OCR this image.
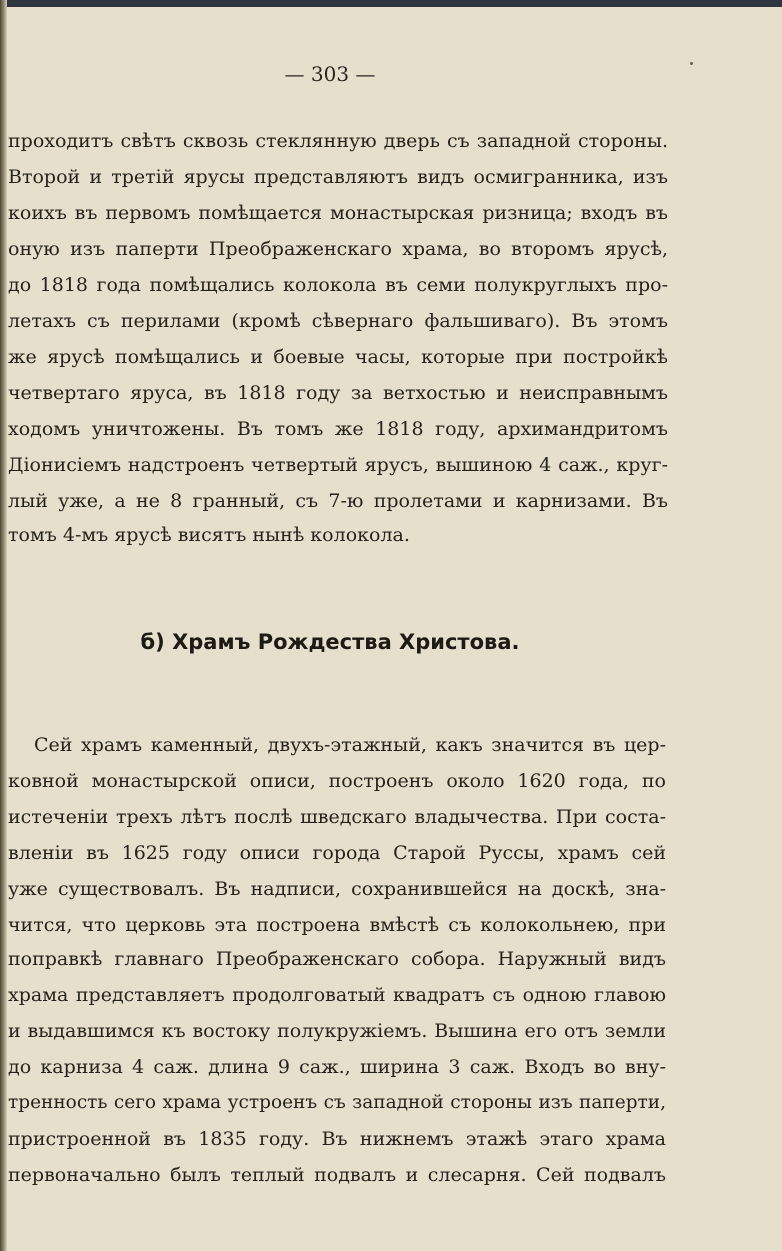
— 303 —
проходитъ свѣтъ сквозь стеклянную дверь съ западной стороны.
Второй и третій ярусы представляютъ видъ осмигранника, изъ
коихъ въ первомъ помѣщается монастырская ризница; входъ въ
оную изъ паперти Преображенскаго храма, во второмъ ярусѣ,
до 1818 года помѣщались колокола въ семи полукруглыхъ про-
летахъ съ перилами (кромѣ сѣвернаго фальшиваго). Въ этомъ
же ярусѣ помѣщались и боевые часы, которые при постройкѣ
четвертаго яруса, въ 1818 году за ветхостью и неисправнымъ
ходомъ уничтожены. Въ томъ же 1818 году, архимандритомъ
Діонисіемъ надстроенъ четвертый ярусъ, вышиною 4 саж., круг-
лый уже, а не 8 гранный, съ 7-ю пролетами и карнизами. Въ
томъ 4-мъ ярусѣ висятъ нынѣ колокола.
б) Храмъ Рождества Христова.
Сей храмъ каменный, двухъ-этажный, какъ значится въ цер-
ковной монастырской описи, построенъ около 1620 года, по
истеченіи трехъ лѣтъ послѣ шведскаго владычества. При соста-
вленіи въ 1625 году описи города Старой Руссы, храмъ сей
уже существовалъ. Въ надписи, сохранившейся на доскѣ, зна-
чится, что церковь эта построена вмѣстѣ съ колокольнею, при
поправкѣ главнаго Преображенскаго собора. Наружный видъ
храма представляетъ продолговатый квадратъ съ одною главою
и выдавшимся къ востоку полукружіемъ. Вышина его отъ земли
до карниза 4 саж. длина 9 саж., ширина 3 саж. Входъ во вну-
тренность сего храма устроенъ съ западной стороны изъ паперти,
пристроенной въ 1835 году. Въ нижнемъ этажѣ этаго храма
первоначально былъ теплый подвалъ и слесарня. Сей подвалъ
